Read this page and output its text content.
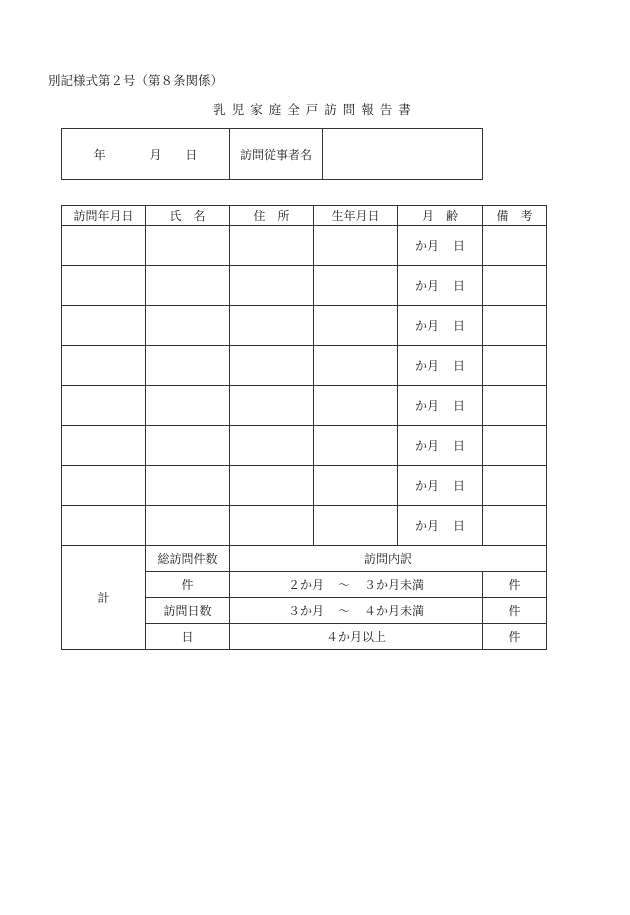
別記様式第２号（第８条関係）
乳児家庭全戸訪問報告書
年	月 日	訪問従事者名	
訪問年月日	氏　名	住　所	生年月日	月　齢	備　考
				か月 日	
				か月 日	
				か月 日	
				か月 日	
				か月 日	
				か月 日	
				か月 日	
				か月 日	
計	総訪問件数	訪問内訳			
	件	２か月 ～ ３か月未満			件
	訪問日数	３か月 ～ ４か月未満			件
	日	４か月以上			件
